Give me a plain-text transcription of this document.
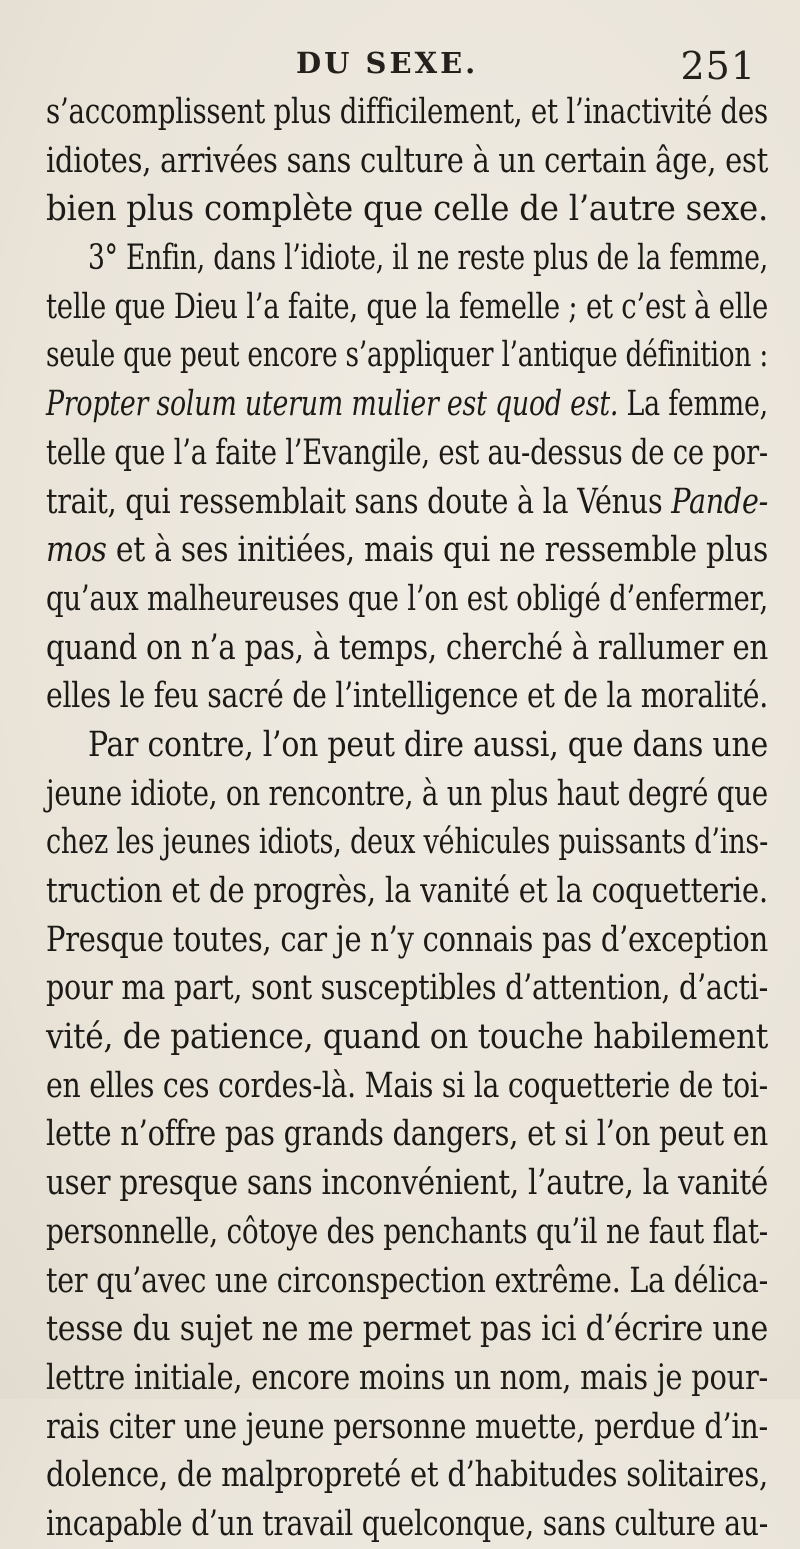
DU SEXE.	251
s’accomplissent plus difficilement, et l’inactivité des
idiotes, arrivées sans culture à un certain âge, est
bien plus complète que celle de l’autre sexe.
3° Enfin, dans l’idiote, il ne reste plus de la femme,
telle que Dieu l’a faite, que la femelle ; et c’est à elle
seule que peut encore s’appliquer l’antique définition :
Propter solum uterum mulier est quod est. La femme,
telle que l’a faite l’Evangile, est au-dessus de ce por-
trait, qui ressemblait sans doute à la Vénus Pande-
mos et à ses initiées, mais qui ne ressemble plus
qu’aux malheureuses que l’on est obligé d’enfermer,
quand on n’a pas, à temps, cherché à rallumer en
elles le feu sacré de l’intelligence et de la moralité.
Par contre, l’on peut dire aussi, que dans une
jeune idiote, on rencontre, à un plus haut degré que
chez les jeunes idiots, deux véhicules puissants d’ins-
truction et de progrès, la vanité et la coquetterie.
Presque toutes, car je n’y connais pas d’exception
pour ma part, sont susceptibles d’attention, d’acti-
vité, de patience, quand on touche habilement
en elles ces cordes-là. Mais si la coquetterie de toi-
lette n’offre pas grands dangers, et si l’on peut en
user presque sans inconvénient, l’autre, la vanité
personnelle, côtoye des penchants qu’il ne faut flat-
ter qu’avec une circonspection extrême. La délica-
tesse du sujet ne me permet pas ici d’écrire une
lettre initiale, encore moins un nom, mais je pour-
rais citer une jeune personne muette, perdue d’in-
dolence, de malpropreté et d’habitudes solitaires,
incapable d’un travail quelconque, sans culture au-
